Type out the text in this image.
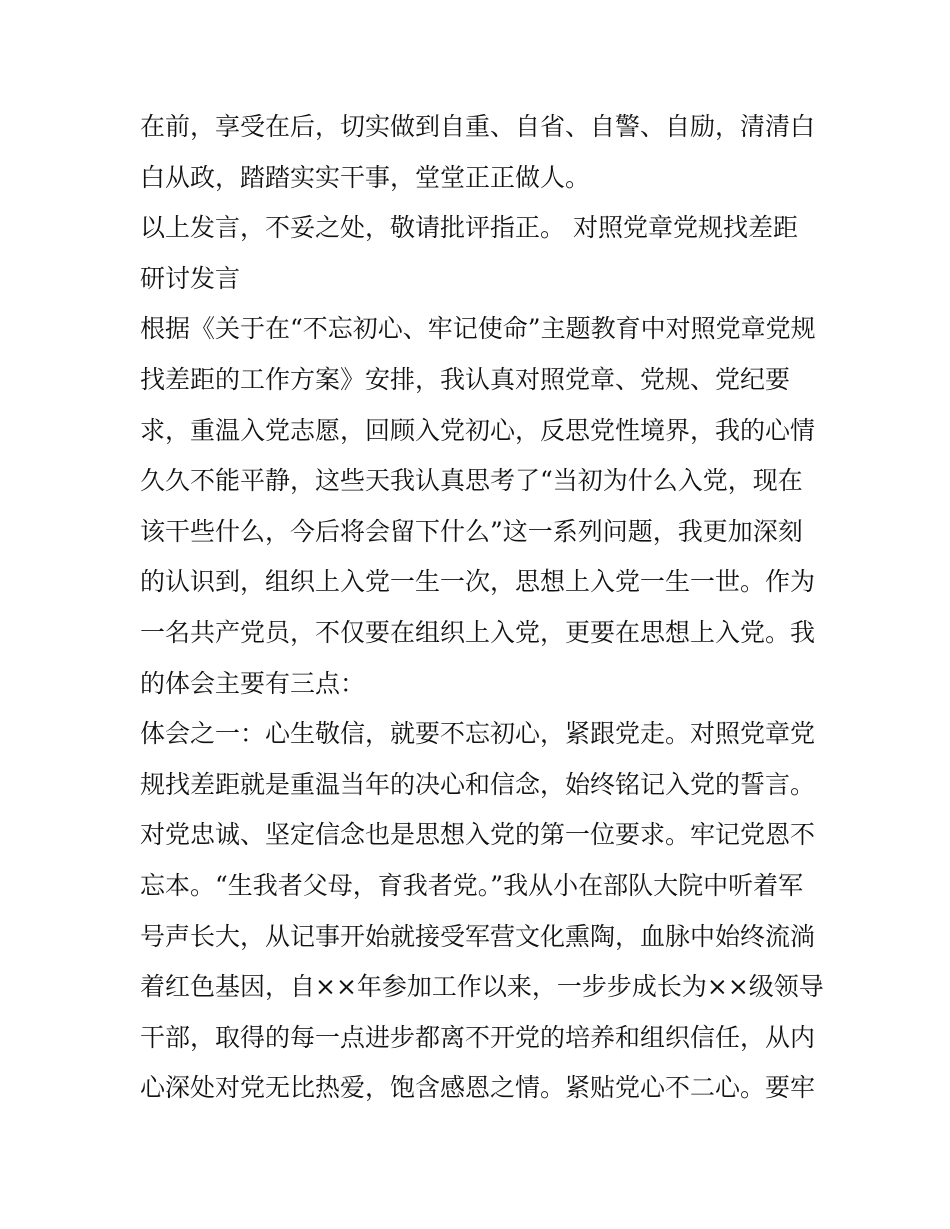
在前，享受在后，切实做到自重、自省、自警、自励，清清白

白从政，踏踏实实干事，堂堂正正做人。

以上发言，不妥之处，敬请批评指正。 对照党章党规找差距

研讨发言

根据《关于在“不忘初心、牢记使命”主题教育中对照党章党规

找差距的工作方案》安排，我认真对照党章、党规、党纪要

求，重温入党志愿，回顾入党初心，反思党性境界，我的心情

久久不能平静，这些天我认真思考了“当初为什么入党，现在

该干些什么，今后将会留下什么”这一系列问题，我更加深刻

的认识到，组织上入党一生一次，思想上入党一生一世。作为

一名共产党员，不仅要在组织上入党，更要在思想上入党。我

的体会主要有三点：

体会之一：心生敬信，就要不忘初心，紧跟党走。对照党章党

规找差距就是重温当年的决心和信念，始终铭记入党的誓言。

对党忠诚、坚定信念也是思想入党的第一位要求。牢记党恩不

忘本。“生我者父母，育我者党。”我从小在部队大院中听着军

号声长大，从记事开始就接受军营文化熏陶，血脉中始终流淌

着红色基因，自××年参加工作以来，一步步成长为××级领导

干部，取得的每一点进步都离不开党的培养和组织信任，从内

心深处对党无比热爱，饱含感恩之情。紧贴党心不二心。要牢
